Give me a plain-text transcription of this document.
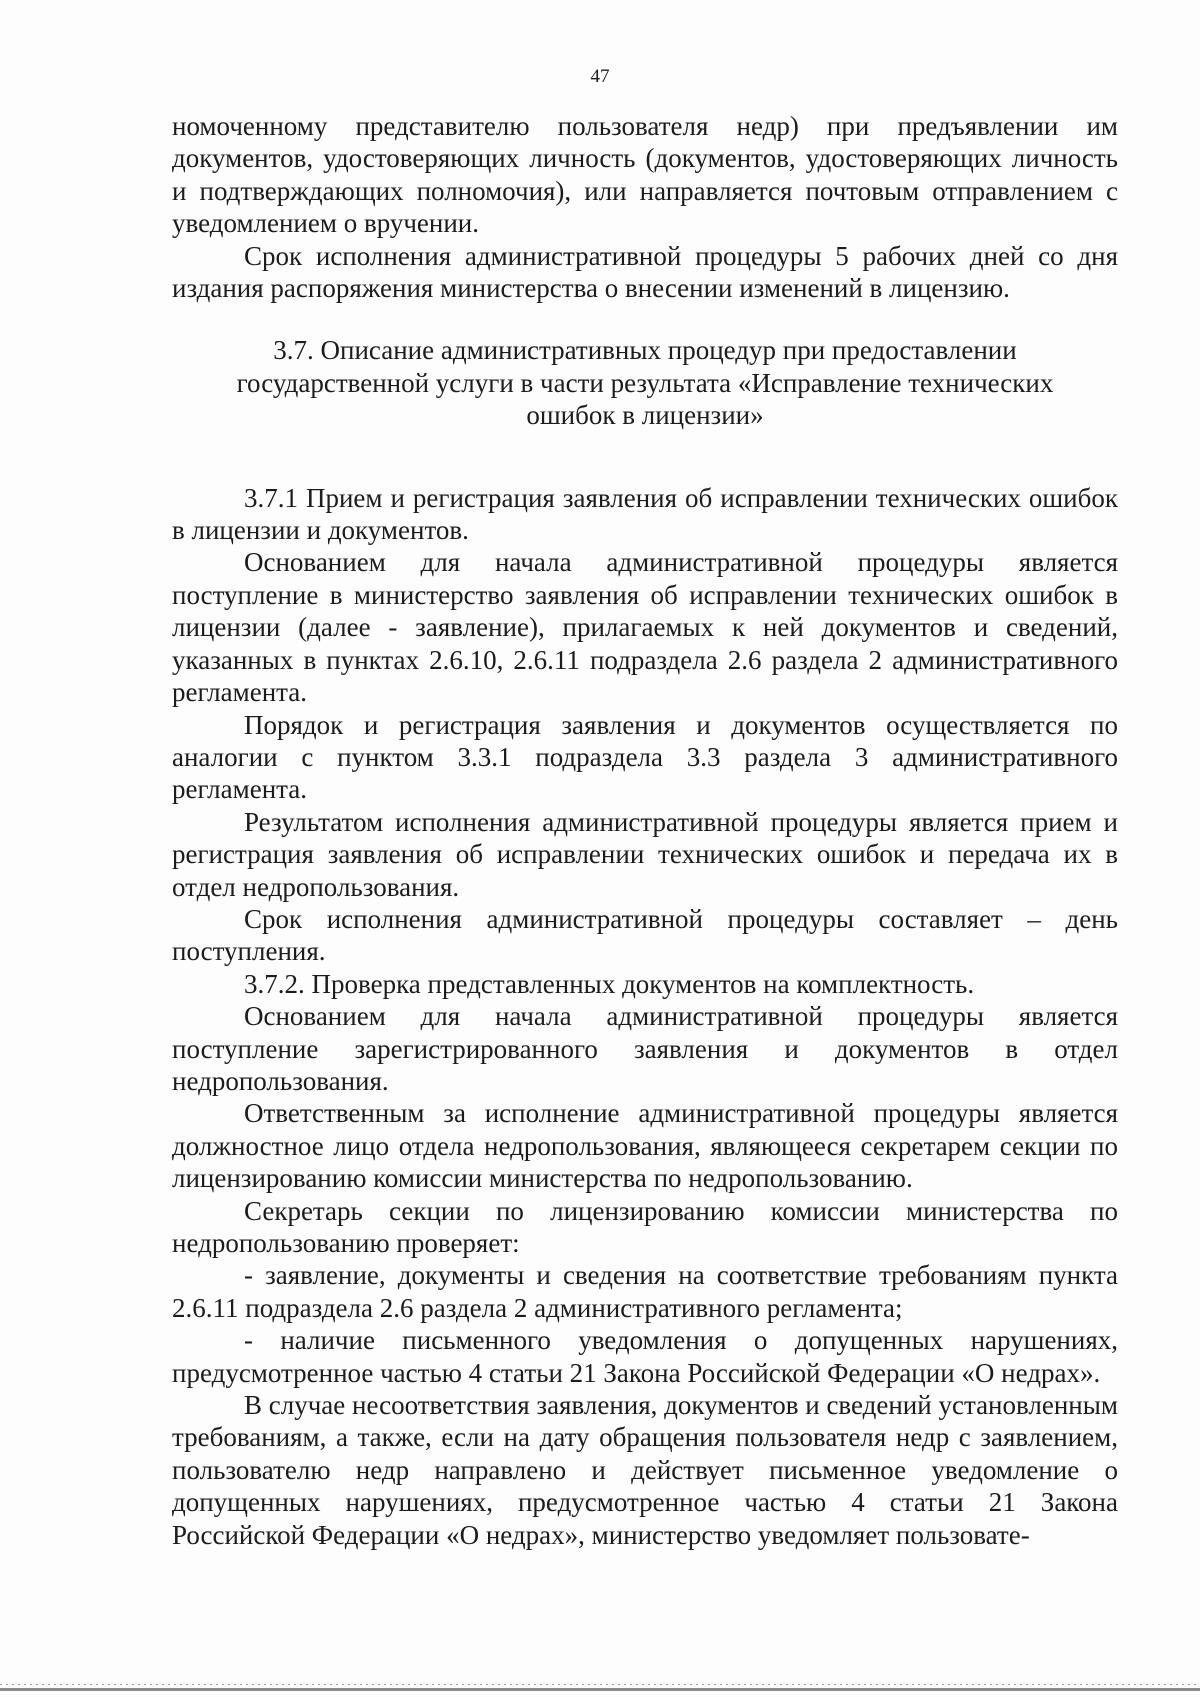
47

номоченному представителю пользователя недр) при предъявлении им документов, удостоверяющих личность (документов, удостоверяющих личность и подтверждающих полномочия), или направляется почтовым отправлением с уведомлением о вручении.

Срок исполнения административной процедуры 5 рабочих дней со дня издания распоряжения министерства о внесении изменений в лицензию.

3.7. Описание административных процедур при предоставлении государственной услуги в части результата «Исправление технических ошибок в лицензии»

3.7.1 Прием и регистрация заявления об исправлении технических ошибок в лицензии и документов.

Основанием для начала административной процедуры является поступление в министерство заявления об исправлении технических ошибок в лицензии (далее - заявление), прилагаемых к ней документов и сведений, указанных в пунктах 2.6.10, 2.6.11 подраздела 2.6 раздела 2 административного регламента.

Порядок и регистрация заявления и документов осуществляется по аналогии с пунктом 3.3.1 подраздела 3.3 раздела 3 административного регламента.

Результатом исполнения административной процедуры является прием и регистрация заявления об исправлении технических ошибок и передача их в отдел недропользования.

Срок исполнения административной процедуры составляет – день поступления.

3.7.2. Проверка представленных документов на комплектность.

Основанием для начала административной процедуры является поступление зарегистрированного заявления и документов в отдел недропользования.

Ответственным за исполнение административной процедуры является должностное лицо отдела недропользования, являющееся секретарем секции по лицензированию комиссии министерства по недропользованию.

Секретарь секции по лицензированию комиссии министерства по недропользованию проверяет:

- заявление, документы и сведения на соответствие требованиям пункта 2.6.11 подраздела 2.6 раздела 2 административного регламента;

- наличие письменного уведомления о допущенных нарушениях, предусмотренное частью 4 статьи 21 Закона Российской Федерации «О недрах».

В случае несоответствия заявления, документов и сведений установленным требованиям, а также, если на дату обращения пользователя недр с заявлением, пользователю недр направлено и действует письменное уведомление о допущенных нарушениях, предусмотренное частью 4 статьи 21 Закона Российской Федерации «О недрах», министерство уведомляет пользовате-
